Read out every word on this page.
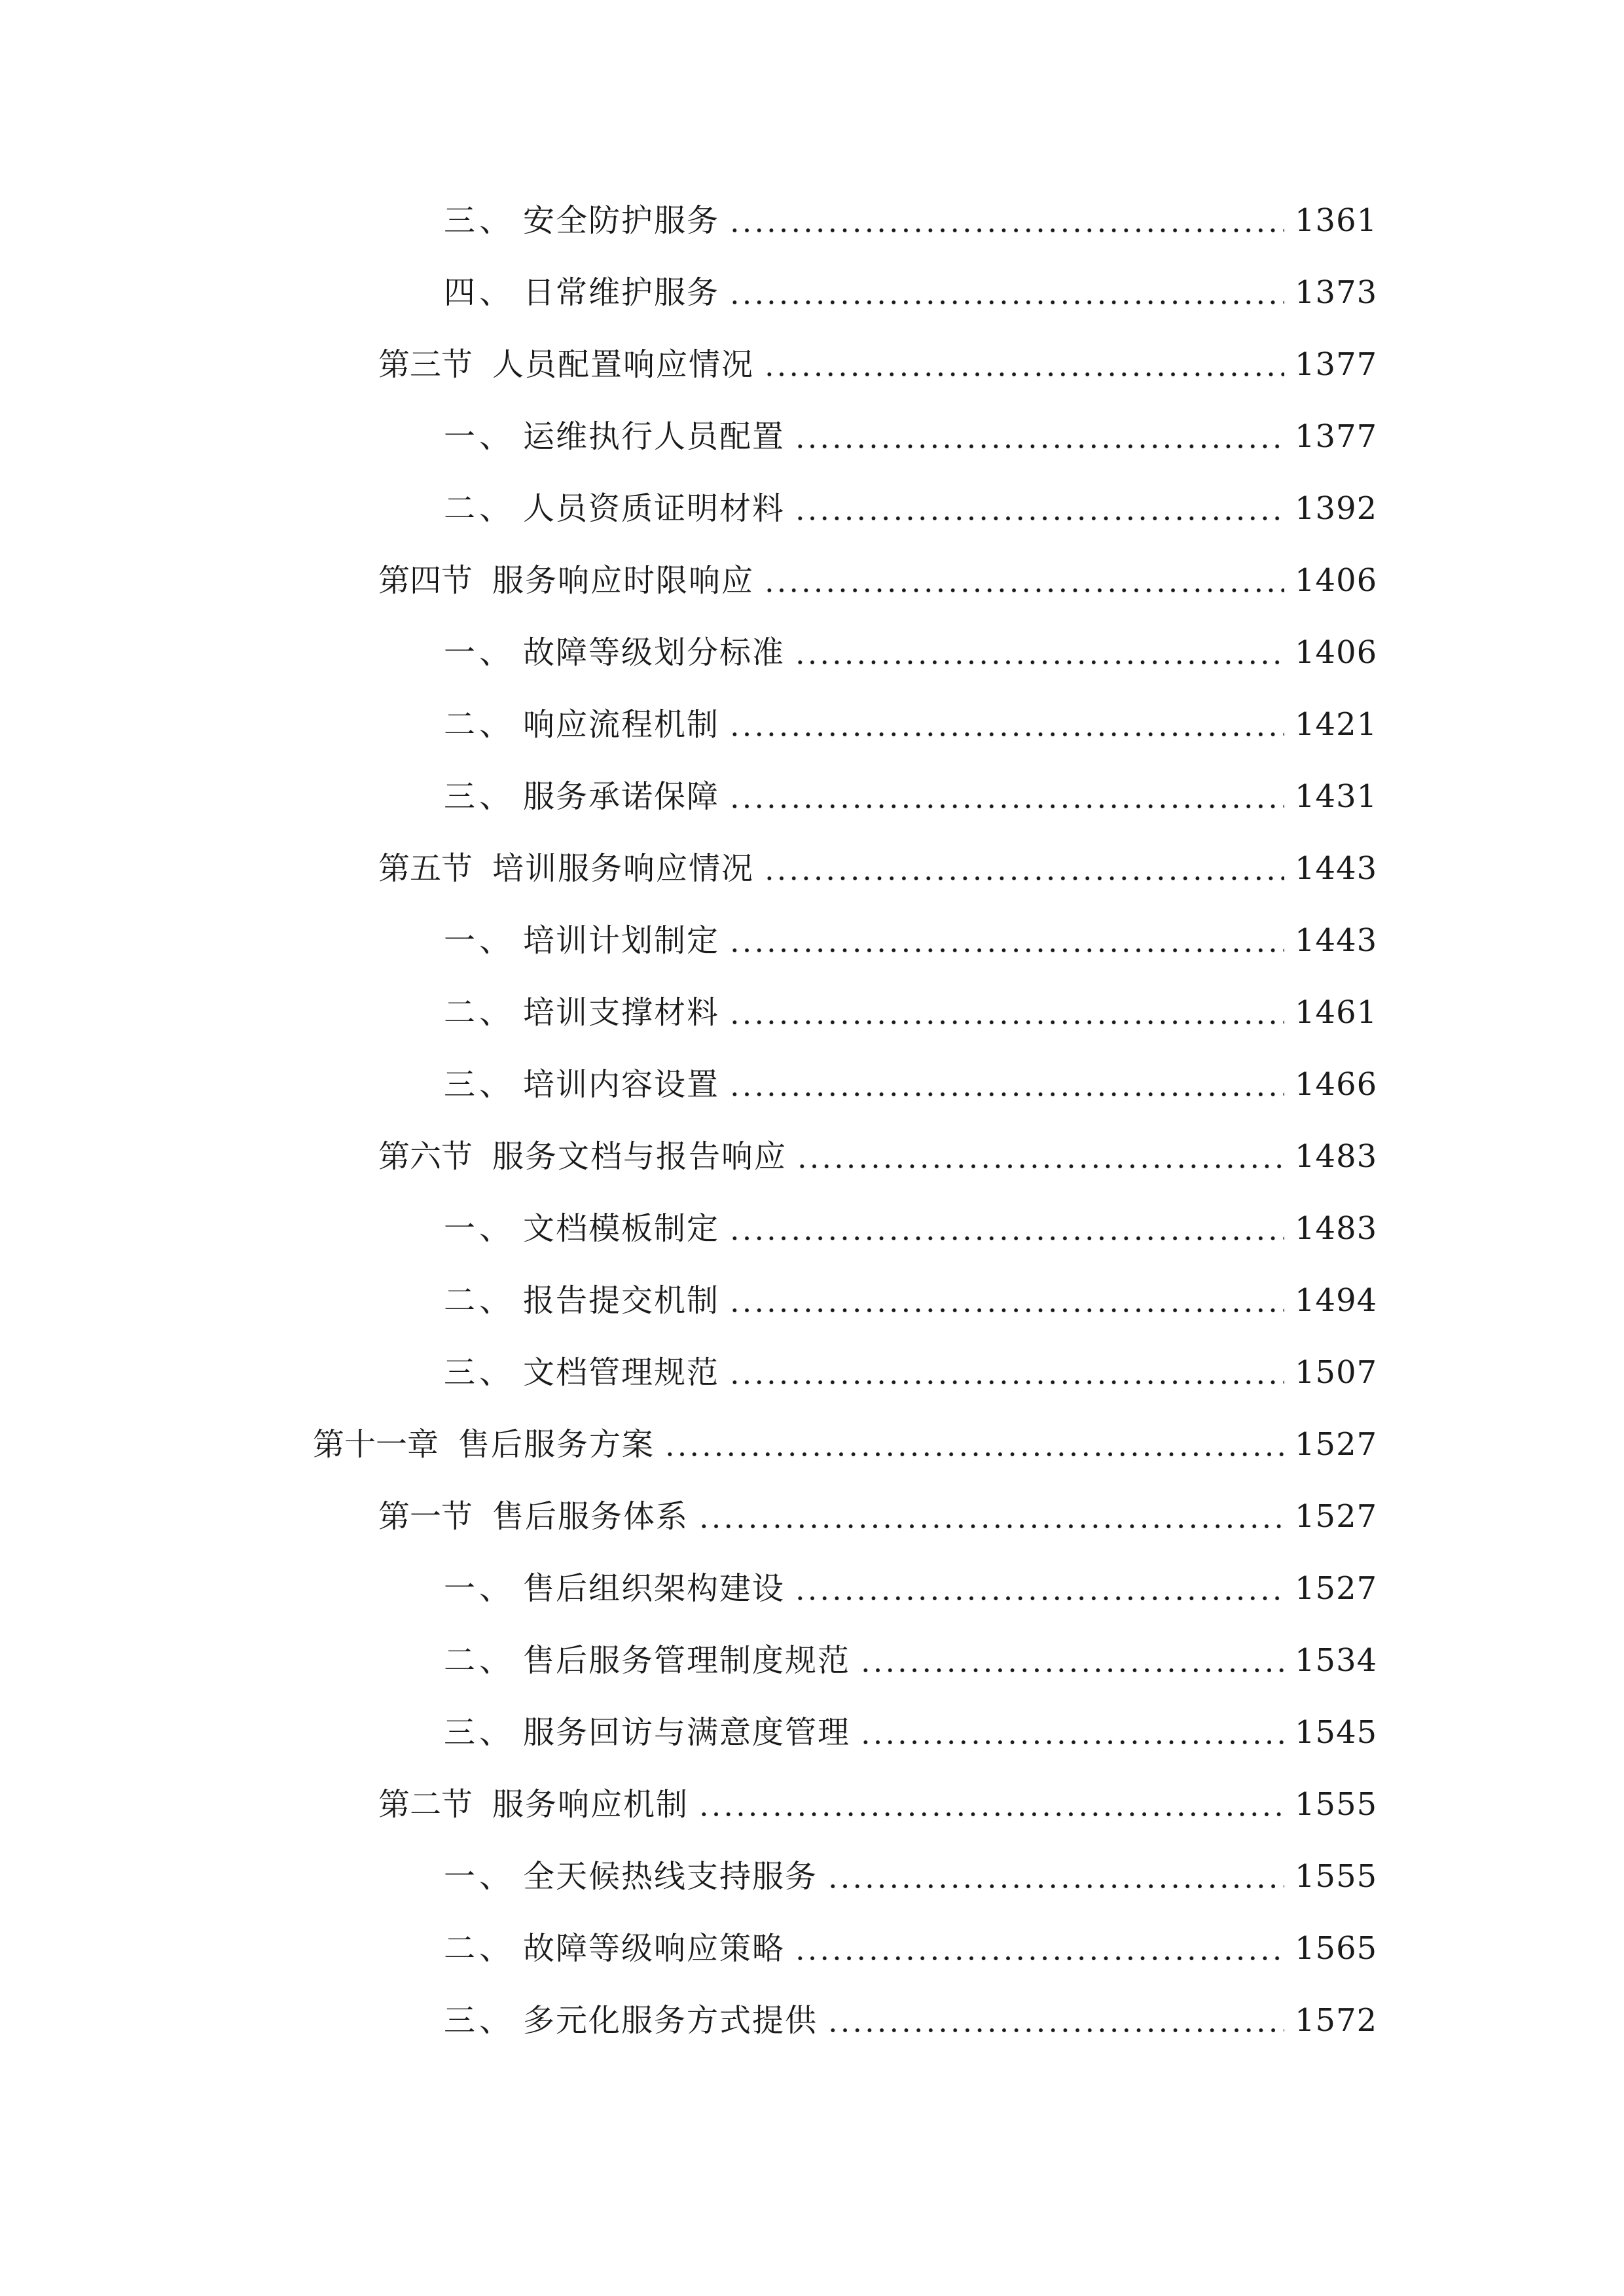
三、 安全防护服务	1361
四、 日常维护服务	1373
第三节 人员配置响应情况	1377
一、 运维执行人员配置	1377
二、 人员资质证明材料	1392
第四节 服务响应时限响应	1406
一、 故障等级划分标准	1406
二、 响应流程机制	1421
三、 服务承诺保障	1431
第五节 培训服务响应情况	1443
一、 培训计划制定	1443
二、 培训支撑材料	1461
三、 培训内容设置	1466
第六节 服务文档与报告响应	1483
一、 文档模板制定	1483
二、 报告提交机制	1494
三、 文档管理规范	1507
第十一章 售后服务方案	1527
第一节 售后服务体系	1527
一、 售后组织架构建设	1527
二、 售后服务管理制度规范	1534
三、 服务回访与满意度管理	1545
第二节 服务响应机制	1555
一、 全天候热线支持服务	1555
二、 故障等级响应策略	1565
三、 多元化服务方式提供	1572
